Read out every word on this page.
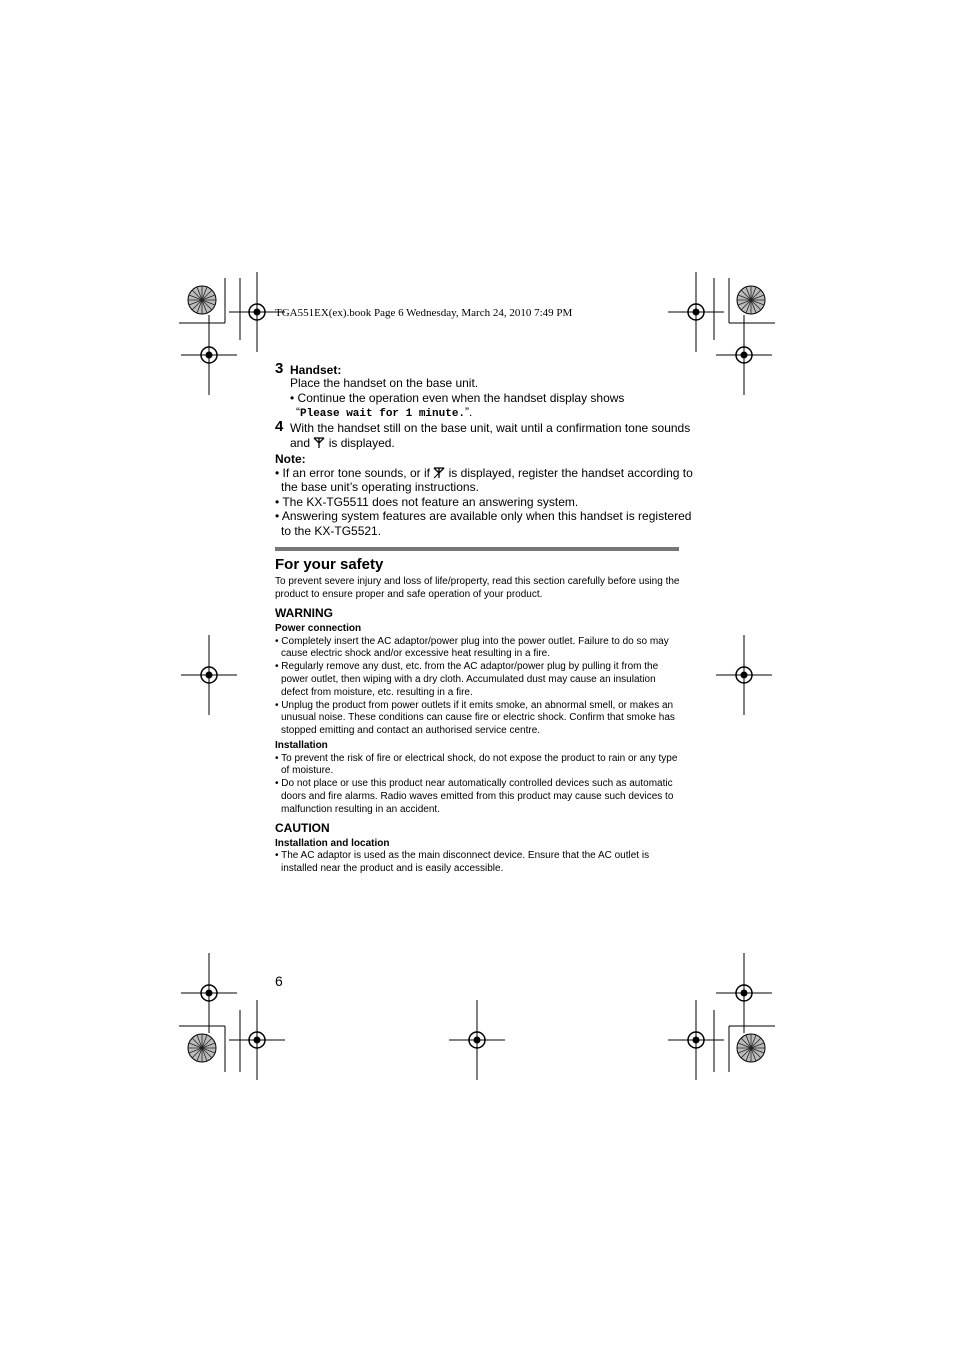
TGA551EX(ex).book Page 6 Wednesday, March 24, 2010 7:49 PM
3 Handset:
Place the handset on the base unit.
• Continue the operation even when the handset display shows
“Please wait for 1 minute.”.
4 With the handset still on the base unit, wait until a confirmation tone sounds
and is displayed.
Note:
• If an error tone sounds, or if is displayed, register the handset according to
the base unit’s operating instructions.
• The KX-TG5511 does not feature an answering system.
• Answering system features are available only when this handset is registered
to the KX-TG5521.
For your safety
To prevent severe injury and loss of life/property, read this section carefully before using the
product to ensure proper and safe operation of your product.
WARNING
Power connection
• Completely insert the AC adaptor/power plug into the power outlet. Failure to do so may
cause electric shock and/or excessive heat resulting in a fire.
• Regularly remove any dust, etc. from the AC adaptor/power plug by pulling it from the
power outlet, then wiping with a dry cloth. Accumulated dust may cause an insulation
defect from moisture, etc. resulting in a fire.
• Unplug the product from power outlets if it emits smoke, an abnormal smell, or makes an
unusual noise. These conditions can cause fire or electric shock. Confirm that smoke has
stopped emitting and contact an authorised service centre.
Installation
• To prevent the risk of fire or electrical shock, do not expose the product to rain or any type
of moisture.
• Do not place or use this product near automatically controlled devices such as automatic
doors and fire alarms. Radio waves emitted from this product may cause such devices to
malfunction resulting in an accident.
CAUTION
Installation and location
• The AC adaptor is used as the main disconnect device. Ensure that the AC outlet is
installed near the product and is easily accessible.
6
